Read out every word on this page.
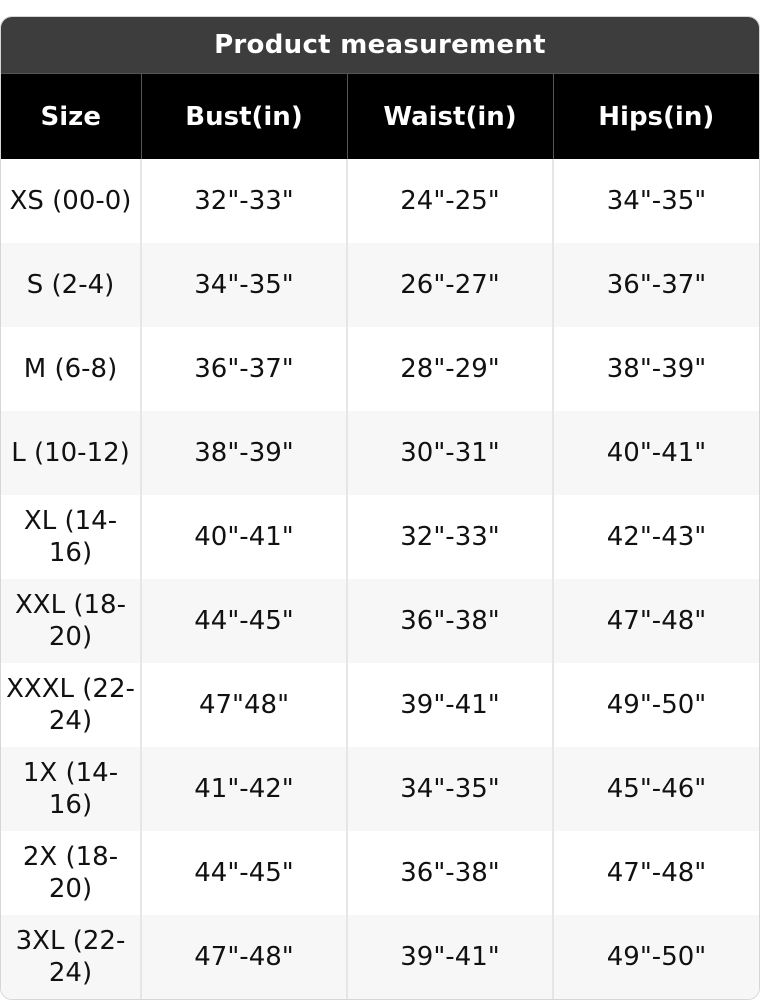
Product measurement
Size	Bust(in)	Waist(in)	Hips(in)
XS (00-0)	32"-33"	24"-25"	34"-35"
S (2-4)	34"-35"	26"-27"	36"-37"
M (6-8)	36"-37"	28"-29"	38"-39"
L (10-12)	38"-39"	30"-31"	40"-41"
XL (14-16)	40"-41"	32"-33"	42"-43"
XXL (18-20)	44"-45"	36"-38"	47"-48"
XXXL (22-24)	47"48"	39"-41"	49"-50"
1X (14-16)	41"-42"	34"-35"	45"-46"
2X (18-20)	44"-45"	36"-38"	47"-48"
3XL (22-24)	47"-48"	39"-41"	49"-50"
